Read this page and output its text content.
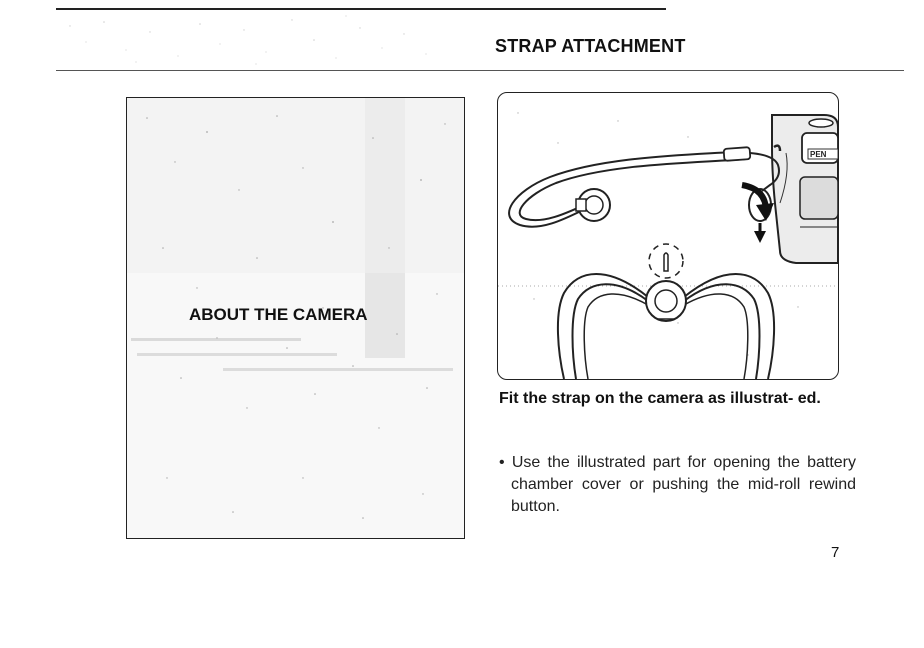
STRAP ATTACHMENT
ABOUT THE CAMERA
PEN
Fit the strap on the camera as illustrat- ed.
• Use the illustrated part for opening the battery chamber cover or pushing the mid-roll rewind button.
7
